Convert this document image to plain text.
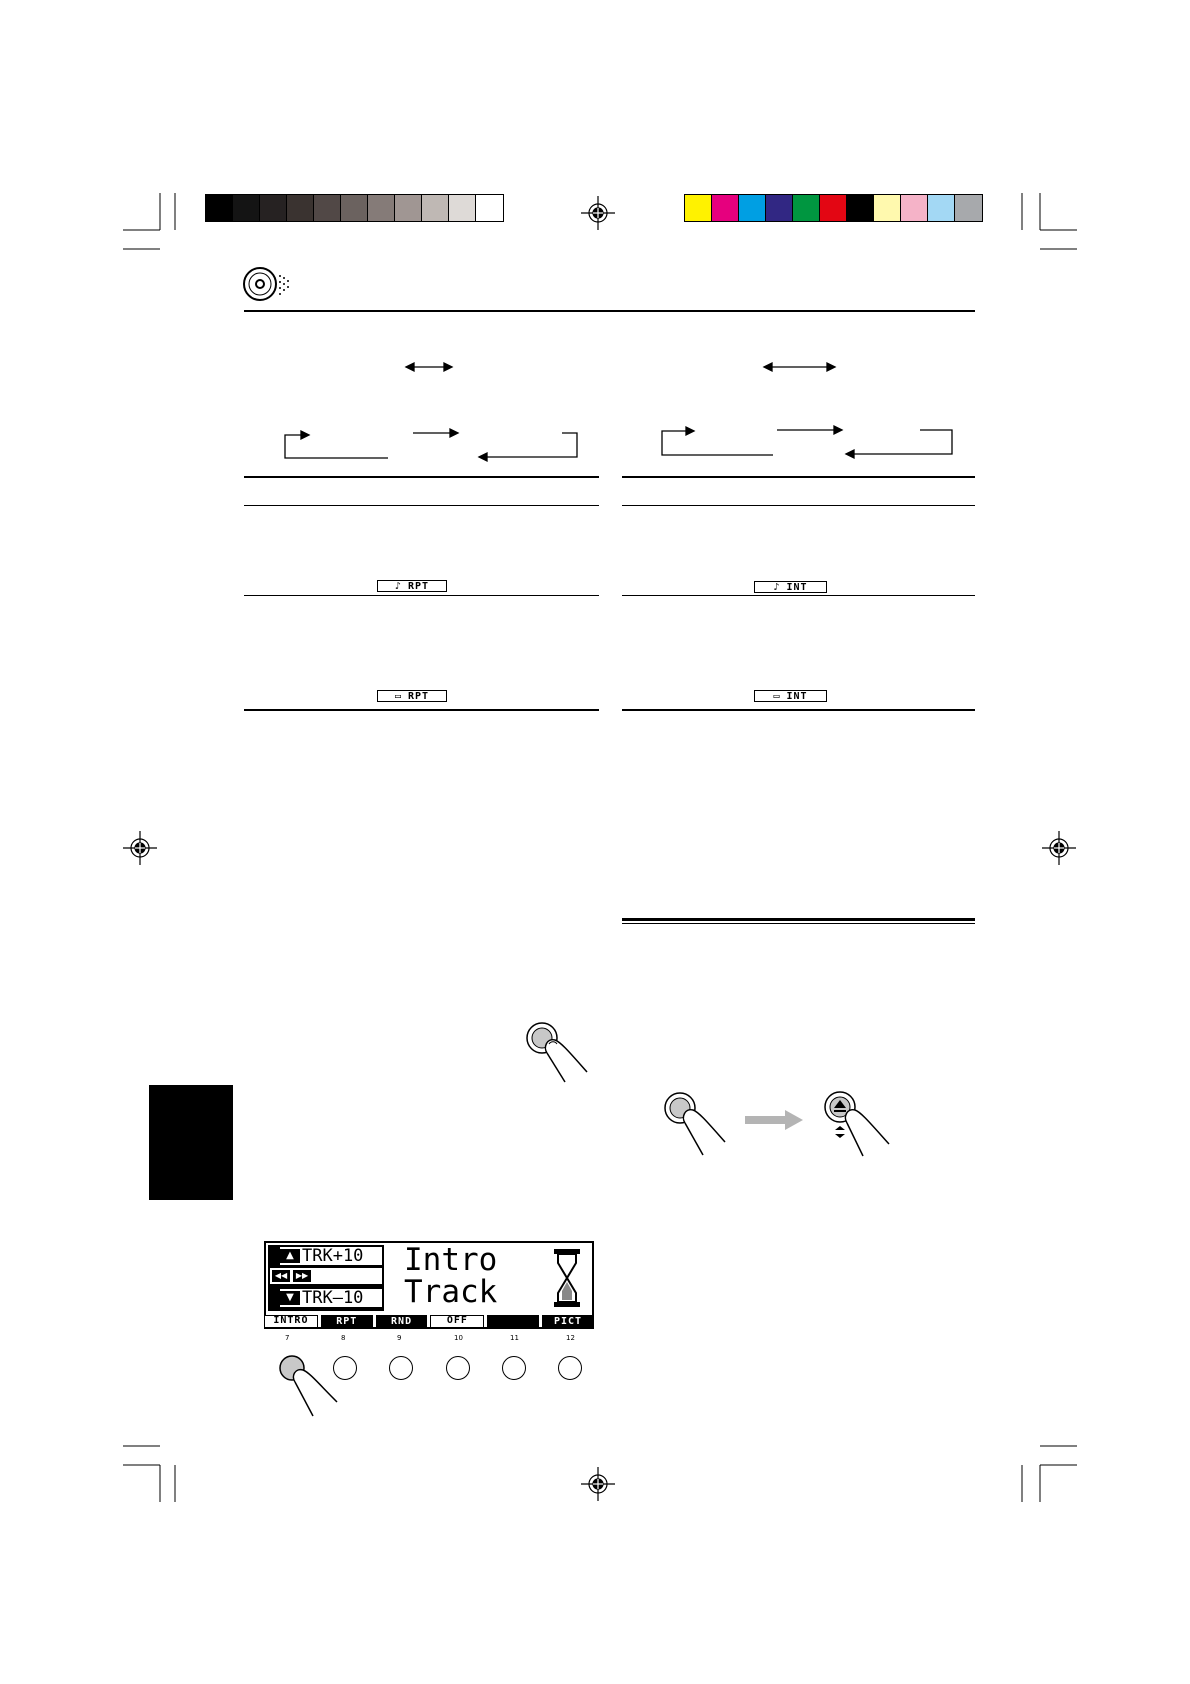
♪ RPT
▭ RPT
♪ INT
▭ INT
▲ TRK+10
◀◀	▶▶
▼ TRK–10
Intro
Track
INTRO	RPT	RND	OFF	PICT
7	8	9	10	11	12
